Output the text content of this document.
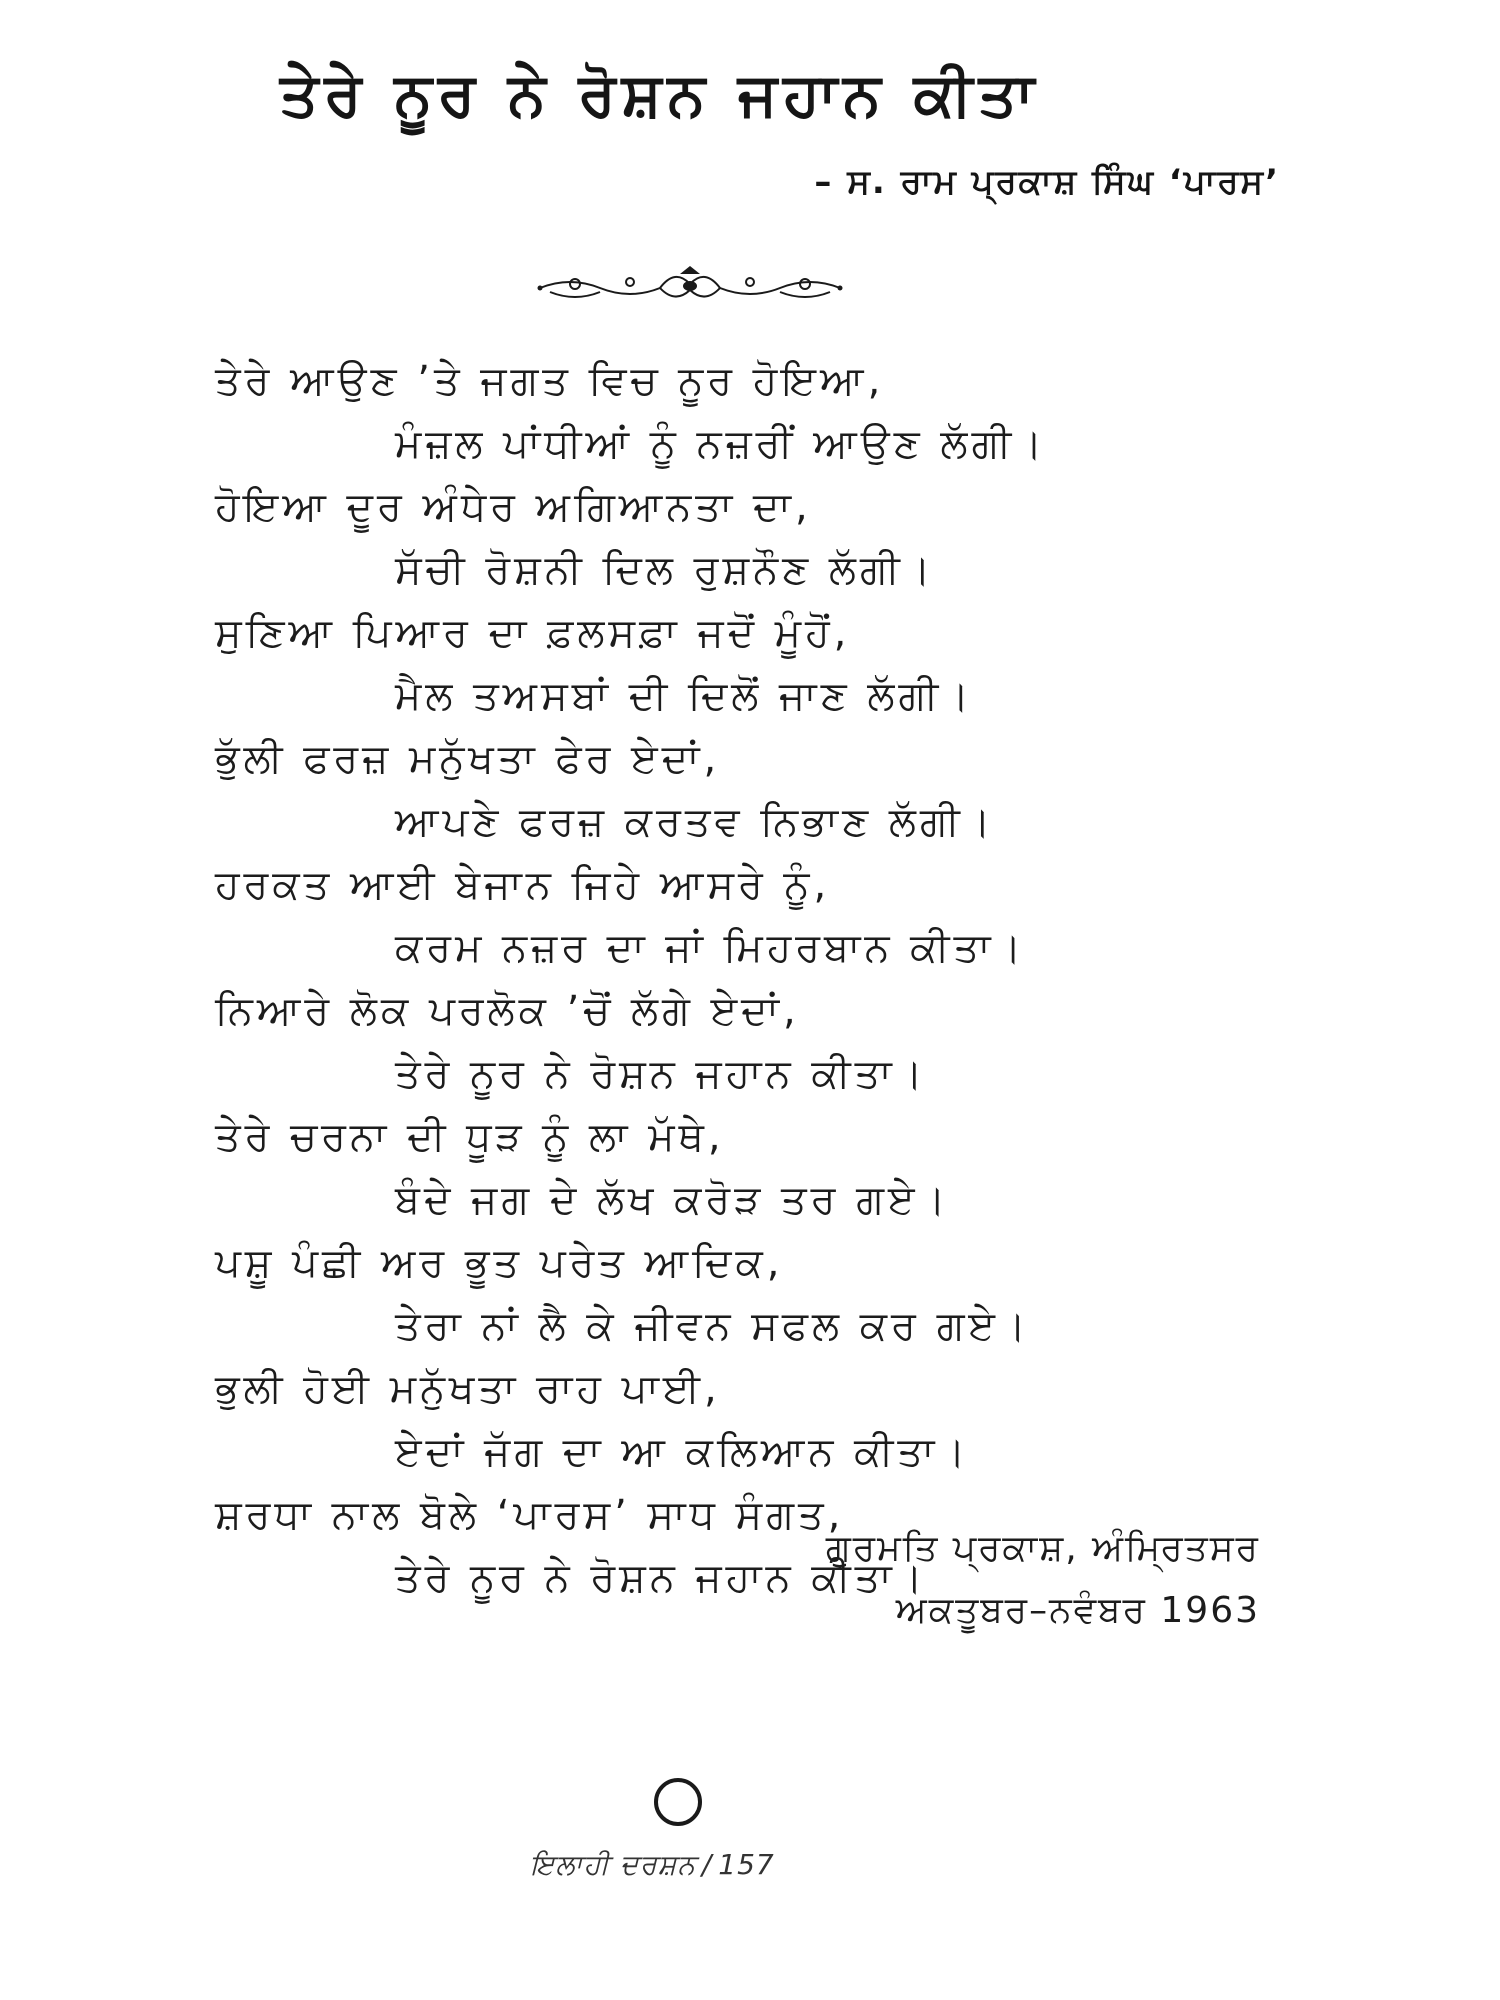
ਤੇਰੇ ਨੂਰ ਨੇ ਰੋਸ਼ਨ ਜਹਾਨ ਕੀਤਾ
– ਸ. ਰਾਮ ਪ੍ਰਕਾਸ਼ ਸਿੰਘ ‘ਪਾਰਸ’
ਤੇਰੇ ਆਉਣ ’ਤੇ ਜਗਤ ਵਿਚ ਨੂਰ ਹੋਇਆ,
ਮੰਜ਼ਲ ਪਾਂਧੀਆਂ ਨੂੰ ਨਜ਼ਰੀਂ ਆਉਣ ਲੱਗੀ।
ਹੋਇਆ ਦੂਰ ਅੰਧੇਰ ਅਗਿਆਨਤਾ ਦਾ,
ਸੱਚੀ ਰੋਸ਼ਨੀ ਦਿਲ ਰੁਸ਼ਨੌਣ ਲੱਗੀ।
ਸੁਣਿਆ ਪਿਆਰ ਦਾ ਫ਼ਲਸਫ਼ਾ ਜਦੋਂ ਮੂੰਹੋਂ,
ਮੈਲ ਤਅਸਬਾਂ ਦੀ ਦਿਲੋਂ ਜਾਣ ਲੱਗੀ।
ਭੁੱਲੀ ਫਰਜ਼ ਮਨੁੱਖਤਾ ਫੇਰ ਏਦਾਂ,
ਆਪਣੇ ਫਰਜ਼ ਕਰਤਵ ਨਿਭਾਣ ਲੱਗੀ।
ਹਰਕਤ ਆਈ ਬੇਜਾਨ ਜਿਹੇ ਆਸਰੇ ਨੂੰ,
ਕਰਮ ਨਜ਼ਰ ਦਾ ਜਾਂ ਮਿਹਰਬਾਨ ਕੀਤਾ।
ਨਿਆਰੇ ਲੋਕ ਪਰਲੋਕ ’ਚੋਂ ਲੱਗੇ ਏਦਾਂ,
ਤੇਰੇ ਨੂਰ ਨੇ ਰੋਸ਼ਨ ਜਹਾਨ ਕੀਤਾ।
ਤੇਰੇ ਚਰਨਾ ਦੀ ਧੂੜ ਨੂੰ ਲਾ ਮੱਥੇ,
ਬੰਦੇ ਜਗ ਦੇ ਲੱਖ ਕਰੋੜ ਤਰ ਗਏ।
ਪਸ਼ੂ ਪੰਛੀ ਅਰ ਭੂਤ ਪਰੇਤ ਆਦਿਕ,
ਤੇਰਾ ਨਾਂ ਲੈ ਕੇ ਜੀਵਨ ਸਫਲ ਕਰ ਗਏ।
ਭੁਲੀ ਹੋਈ ਮਨੁੱਖਤਾ ਰਾਹ ਪਾਈ,
ਏਦਾਂ ਜੱਗ ਦਾ ਆ ਕਲਿਆਨ ਕੀਤਾ।
ਸ਼ਰਧਾ ਨਾਲ ਬੋਲੇ ‘ਪਾਰਸ’ ਸਾਧ ਸੰਗਤ,
ਤੇਰੇ ਨੂਰ ਨੇ ਰੋਸ਼ਨ ਜਹਾਨ ਕੀਤਾ।
ਗੁਰਮਤਿ ਪ੍ਰਕਾਸ਼, ਅੰਮ੍ਰਿਤਸਰ
ਅਕਤੂਬਰ–ਨਵੰਬਰ 1963
ਇਲਾਹੀ ਦਰਸ਼ਨ / 157
